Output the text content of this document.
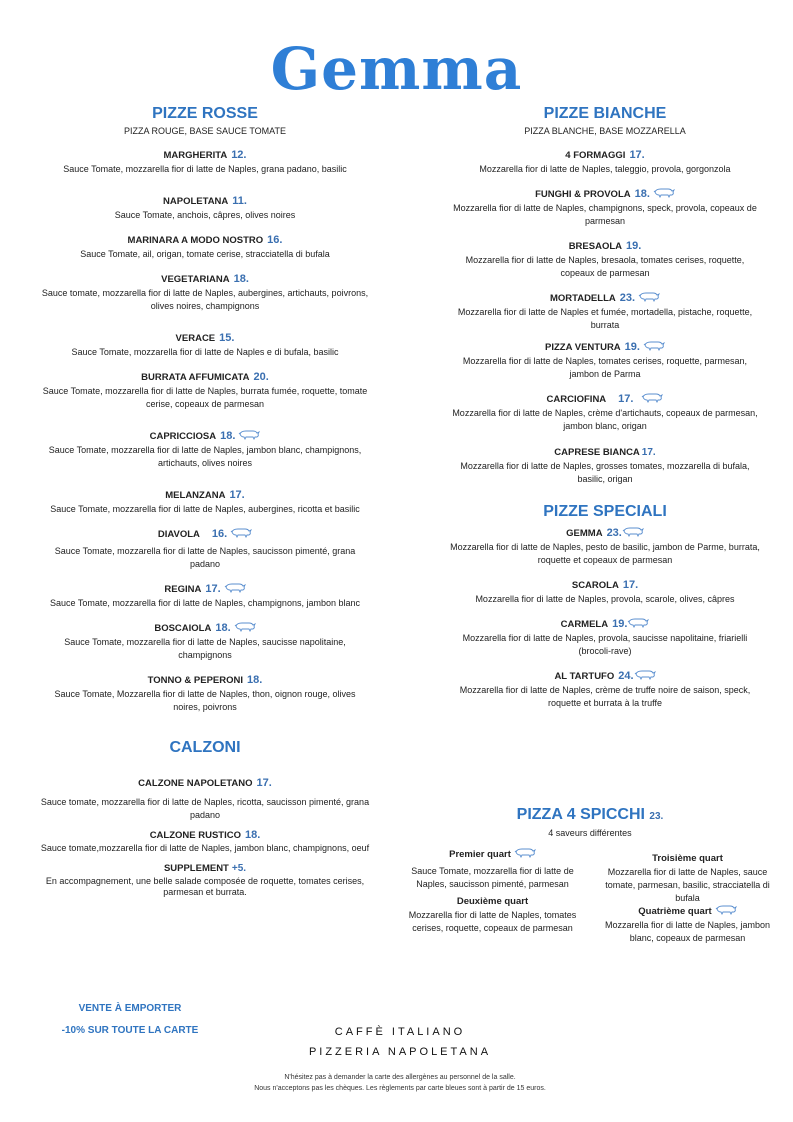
Gemma
PIZZE ROSSE
PIZZA ROUGE, BASE SAUCE TOMATE
MARGHERITA 12.
Sauce Tomate, mozzarella fior di latte de Naples, grana padano, basilic
NAPOLETANA 11.
Sauce Tomate, anchois, câpres, olives noires
MARINARA A MODO NOSTRO 16.
Sauce Tomate, ail, origan, tomate cerise, stracciatella di bufala
VEGETARIANA 18.
Sauce tomate, mozzarella fior di latte de Naples, aubergines, artichauts, poivrons, olives noires, champignons
VERACE 15.
Sauce Tomate, mozzarella fior di latte de Naples e di bufala, basilic
BURRATA AFFUMICATA 20.
Sauce Tomate, mozzarella fior di latte de Naples, burrata fumée, roquette, tomate cerise, copeaux de parmesan
CAPRICCIOSA 18.
Sauce Tomate, mozzarella fior di latte de Naples, jambon blanc, champignons, artichauts, olives noires
MELANZANA 17.
Sauce Tomate, mozzarella fior di latte de Naples, aubergines, ricotta et basilic
DIAVOLA 16.
Sauce Tomate, mozzarella fior di latte de Naples, saucisson pimenté, grana padano
REGINA 17.
Sauce Tomate, mozzarella fior di latte de Naples, champignons, jambon blanc
BOSCAIOLA 18.
Sauce Tomate, mozzarella fior di latte de Naples, saucisse napolitaine, champignons
TONNO & PEPERONI 18.
Sauce Tomate, Mozzarella fior di latte de Naples, thon, oignon rouge, olives noires, poivrons
CALZONI
CALZONE NAPOLETANO 17.
Sauce tomate, mozzarella fior di latte de Naples, ricotta, saucisson pimenté, grana padano
CALZONE RUSTICO 18.
Sauce tomate,mozzarella fior di latte de Naples, jambon blanc, champignons, oeuf
SUPPLEMENT +5.
En accompagnement, une belle salade composée de roquette, tomates cerises, parmesan et burrata.
PIZZE BIANCHE
PIZZA BLANCHE, BASE MOZZARELLA
4 FORMAGGI 17.
Mozzarella fior di latte de Naples, taleggio, provola, gorgonzola
FUNGHI & PROVOLA 18.
Mozzarella fior di latte de Naples, champignons, speck, provola, copeaux de parmesan
BRESAOLA 19.
Mozzarella fior di latte de Naples, bresaola, tomates cerises, roquette, copeaux de parmesan
MORTADELLA 23.
Mozzarella fior di latte de Naples et fumée, mortadella, pistache, roquette, burrata
PIZZA VENTURA 19.
Mozzarella fior di latte de Naples, tomates cerises, roquette, parmesan, jambon de Parma
CARCIOFINA 17.
Mozzarella fior di latte de Naples, crème d'artichauts, copeaux de parmesan, jambon blanc, origan
CAPRESE BIANCA 17.
Mozzarella fior di latte de Naples, grosses tomates, mozzarella di bufala, basilic, origan
PIZZE SPECIALI
GEMMA 23.
Mozzarella fior di latte de Naples, pesto de basilic, jambon de Parme, burrata, roquette et copeaux de parmesan
SCAROLA 17.
Mozzarella fior di latte de Naples, provola, scarole, olives, câpres
CARMELA 19.
Mozzarella fior di latte de Naples, provola, saucisse napolitaine, friarielli (brocoli-rave)
AL TARTUFO 24.
Mozzarella fior di latte de Naples, crème de truffe noire de saison, speck, roquette et burrata à la truffe
PIZZA 4 SPICCHI 23.
4 saveurs différentes
Premier quart
Sauce Tomate, mozzarella fior di latte de Naples, saucisson pimenté, parmesan
Deuxième quart
Mozzarella fior di latte de Naples, tomates cerises, roquette, copeaux de parmesan
Troisième quart
Mozzarella fior di latte de Naples, sauce tomate, parmesan, basilic, stracciatella di bufala
Quatrième quart
Mozzarella fior di latte de Naples, jambon blanc, copeaux de parmesan
VENTE À EMPORTER
-10% SUR TOUTE LA CARTE	CAFFÈ ITALIANO
PIZZERIA NAPOLETANA
N'hésitez pas à demander la carte des allergènes au personnel de la salle.
Nous n'acceptons pas les chèques. Les règlements par carte bleues sont à partir de 15 euros.
